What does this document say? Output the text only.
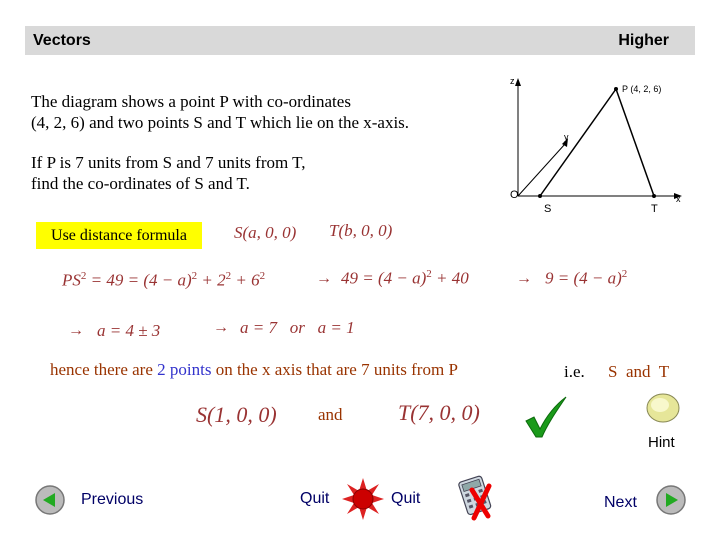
Vectors	Higher
The diagram shows a point P with co-ordinates
(4, 2, 6) and two points S and T which lie on the x-axis.
If P is 7 units from S and 7 units from T,
find the co-ordinates of S and T.
z
y
x
O
S	T
P (4, 2, 6)
Use distance formula	S(a, 0, 0) T(b, 0, 0)
$PS^2 = 49 = (4 - a)^2 + 2^2 + 6^2$	→ $49 = (4 - a)^2 + 40$	→ $9 = (4 - a)^2$
→ a = 4 ± 3	→ a = 7 or a = 1
hence there are 2 points on the x axis that are 7 units from P	i.e. S and T
S(1, 0, 0) and	T(7, 0, 0)
Hint
Previous	Quit	Quit	Next
